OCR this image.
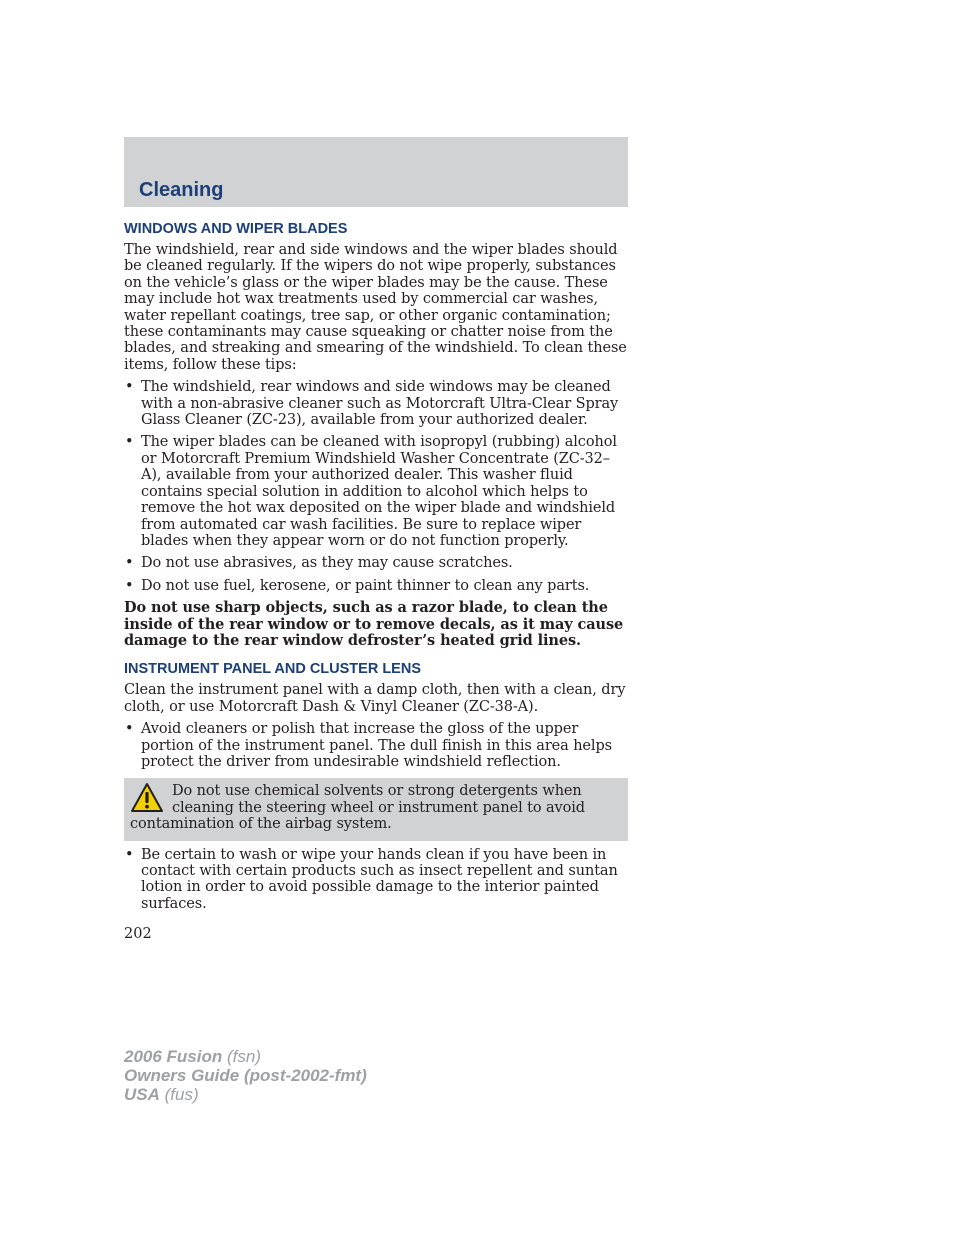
Cleaning
WINDOWS AND WIPER BLADES

The windshield, rear and side windows and the wiper blades should be cleaned regularly. If the wipers do not wipe properly, substances on the vehicle’s glass or the wiper blades may be the cause. These may include hot wax treatments used by commercial car washes, water repellant coatings, tree sap, or other organic contamination; these contaminants may cause squeaking or chatter noise from the blades, and streaking and smearing of the windshield. To clean these items, follow these tips:

• The windshield, rear windows and side windows may be cleaned with a non-abrasive cleaner such as Motorcraft Ultra-Clear Spray Glass Cleaner (ZC-23), available from your authorized dealer.
• The wiper blades can be cleaned with isopropyl (rubbing) alcohol or Motorcraft Premium Windshield Washer Concentrate (ZC-32–A), available from your authorized dealer. This washer fluid contains special solution in addition to alcohol which helps to remove the hot wax deposited on the wiper blade and windshield from automated car wash facilities. Be sure to replace wiper blades when they appear worn or do not function properly.
• Do not use abrasives, as they may cause scratches.
• Do not use fuel, kerosene, or paint thinner to clean any parts.

Do not use sharp objects, such as a razor blade, to clean the inside of the rear window or to remove decals, as it may cause damage to the rear window defroster’s heated grid lines.

INSTRUMENT PANEL AND CLUSTER LENS

Clean the instrument panel with a damp cloth, then with a clean, dry cloth, or use Motorcraft Dash & Vinyl Cleaner (ZC-38-A).

• Avoid cleaners or polish that increase the gloss of the upper portion of the instrument panel. The dull finish in this area helps protect the driver from undesirable windshield reflection.
Do not use chemical solvents or strong detergents when cleaning the steering wheel or instrument panel to avoid contamination of the airbag system.
• Be certain to wash or wipe your hands clean if you have been in contact with certain products such as insect repellent and suntan lotion in order to avoid possible damage to the interior painted surfaces.
202
2006 Fusion (fsn)
Owners Guide (post-2002-fmt)
USA (fus)
